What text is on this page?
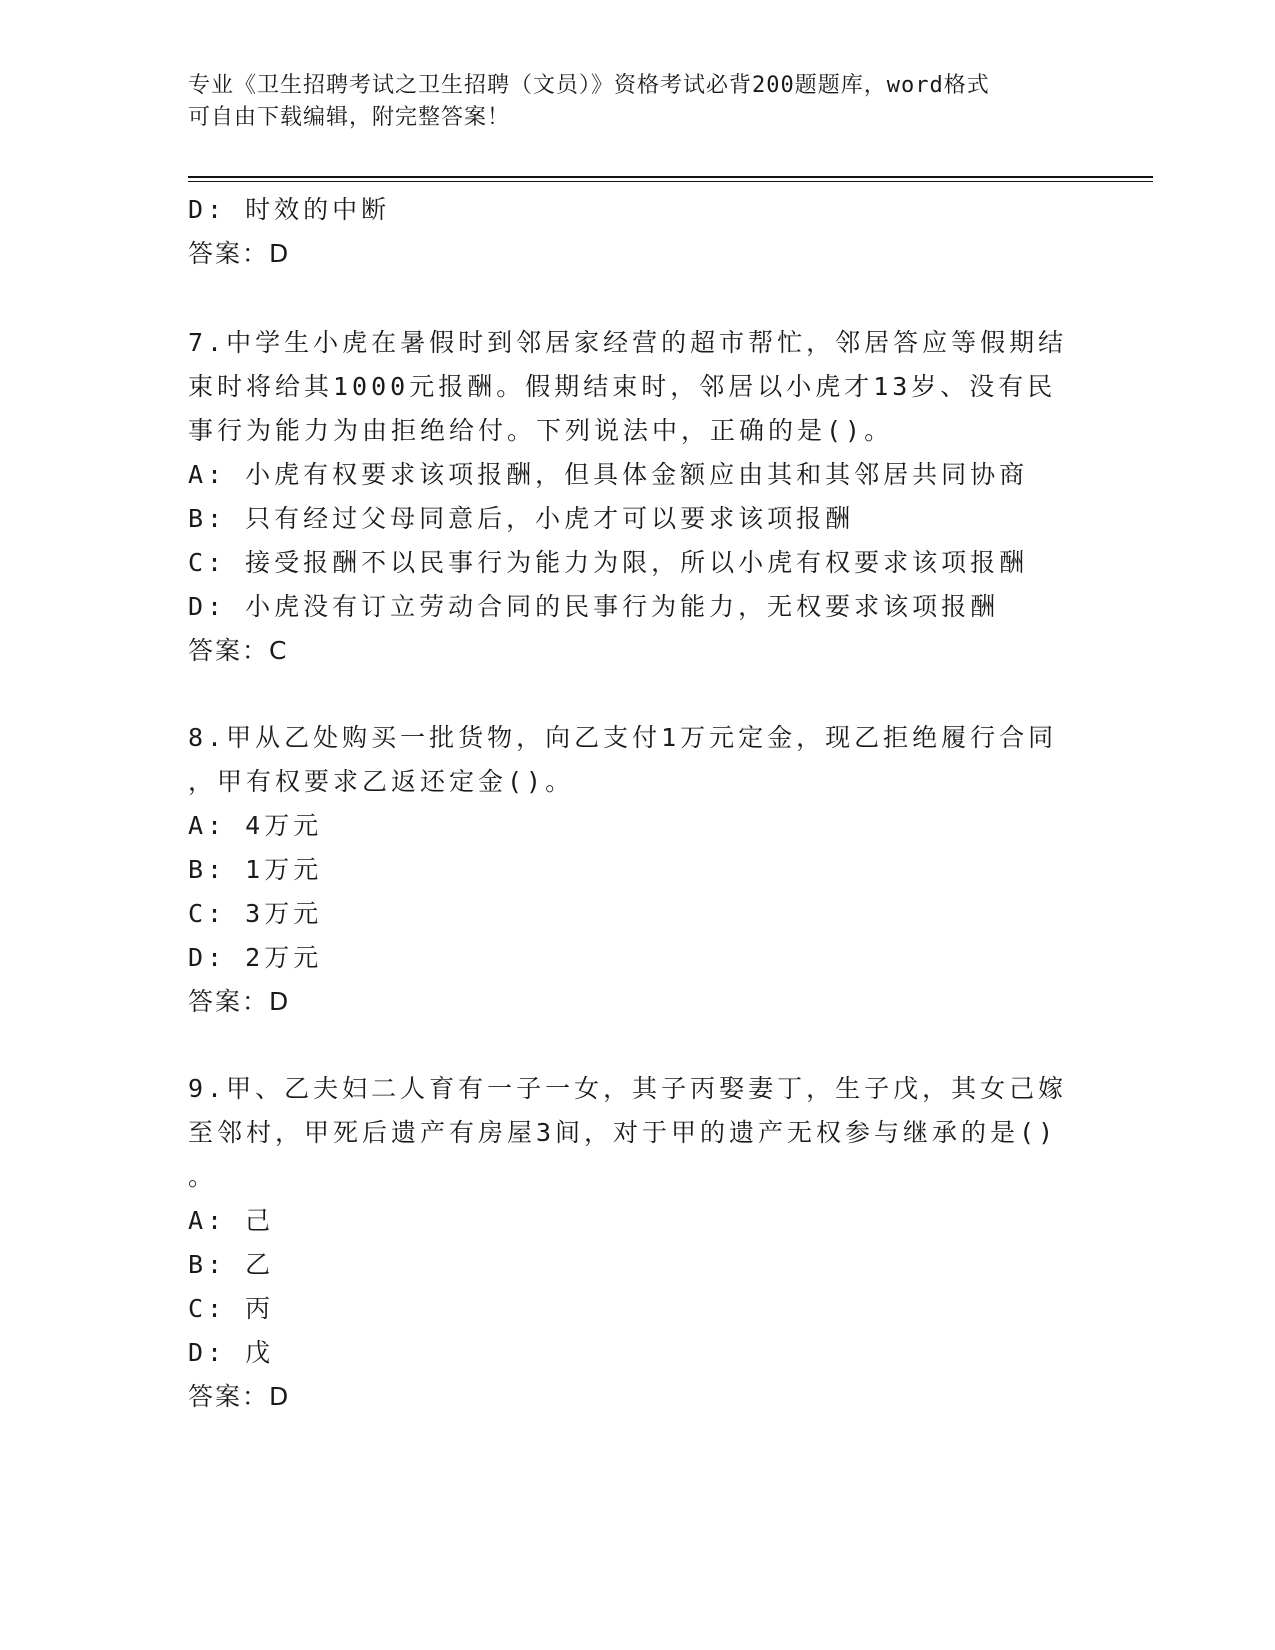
专业《卫生招聘考试之卫生招聘（文员）》资格考试必背200题题库，word格式
可自由下载编辑，附完整答案！
D: 时效的中断
答案：D
7.中学生小虎在暑假时到邻居家经营的超市帮忙，邻居答应等假期结
束时将给其1000元报酬。假期结束时，邻居以小虎才13岁、没有民
事行为能力为由拒绝给付。下列说法中，正确的是()。
A: 小虎有权要求该项报酬，但具体金额应由其和其邻居共同协商
B: 只有经过父母同意后，小虎才可以要求该项报酬
C: 接受报酬不以民事行为能力为限，所以小虎有权要求该项报酬
D: 小虎没有订立劳动合同的民事行为能力，无权要求该项报酬
答案：C
8.甲从乙处购买一批货物，向乙支付1万元定金，现乙拒绝履行合同
，甲有权要求乙返还定金()。
A: 4万元
B: 1万元
C: 3万元
D: 2万元
答案：D
9.甲、乙夫妇二人育有一子一女，其子丙娶妻丁，生子戊，其女己嫁
至邻村，甲死后遗产有房屋3间，对于甲的遗产无权参与继承的是()
。
A: 己
B: 乙
C: 丙
D: 戊
答案：D
